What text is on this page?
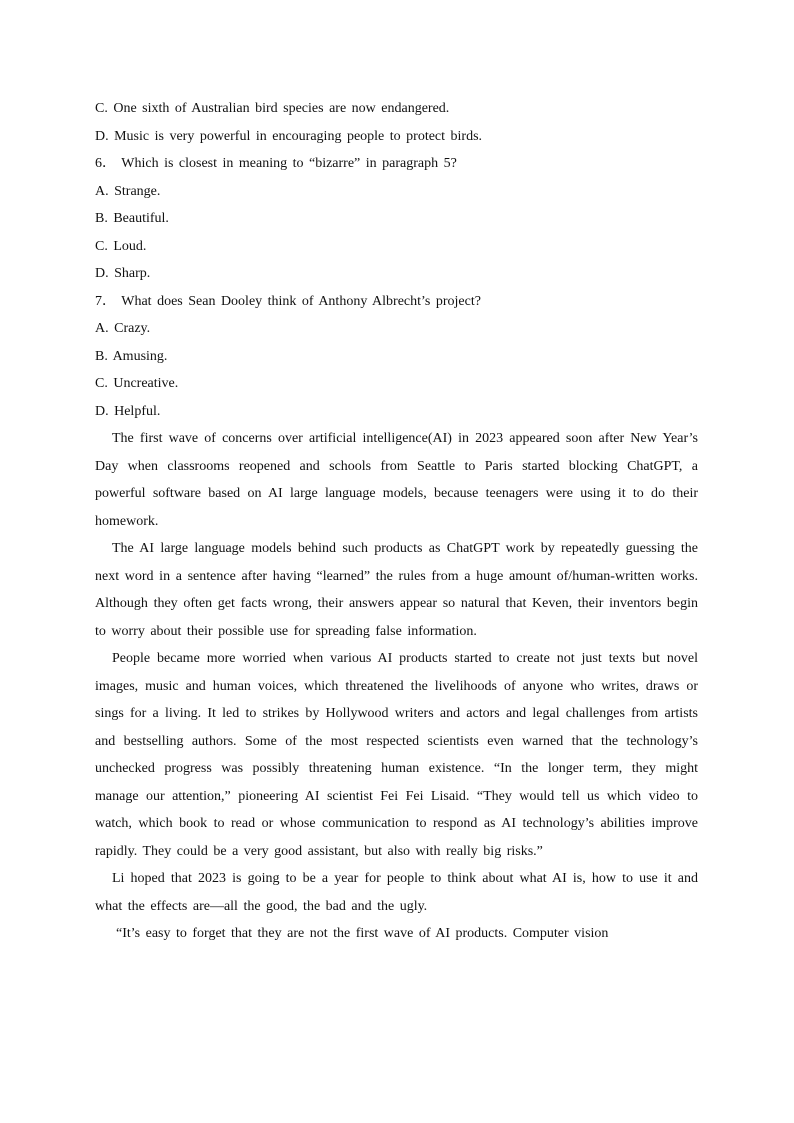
C. One sixth of Australian bird species are now endangered.
D. Music is very powerful in encouraging people to protect birds.
6． Which is closest in meaning to “bizarre” in paragraph 5?
A. Strange.
B. Beautiful.
C. Loud.
D. Sharp.
7． What does Sean Dooley think of Anthony Albrecht’s project?
A. Crazy.
B. Amusing.
C. Uncreative.
D. Helpful.

The first wave of concerns over artificial intelligence(AI) in 2023 appeared soon after New Year’s Day when classrooms reopened and schools from Seattle to Paris started blocking ChatGPT, a powerful software based on AI large language models, because teenagers were using it to do their homework.

The AI large language models behind such products as ChatGPT work by repeatedly guessing the next word in a sentence after having “learned” the rules from a huge amount of/human-written works. Although they often get facts wrong, their answers appear so natural that Keven, their inventors begin to worry about their possible use for spreading false information.

People became more worried when various AI products started to create not just texts but novel images, music and human voices, which threatened the livelihoods of anyone who writes, draws or sings for a living. It led to strikes by Hollywood writers and actors and legal challenges from artists and bestselling authors. Some of the most respected scientists even warned that the technology’s unchecked progress was possibly threatening human existence. “In the longer term, they might manage our attention,” pioneering AI scientist Fei Fei Lisaid. “They would tell us which video to watch, which book to read or whose communication to respond as AI technology’s abilities improve rapidly. They could be a very good assistant, but also with really big risks.”

Li hoped that 2023 is going to be a year for people to think about what AI is, how to use it and what the effects are—all the good, the bad and the ugly.

“It’s easy to forget that they are not the first wave of AI products. Computer vision
